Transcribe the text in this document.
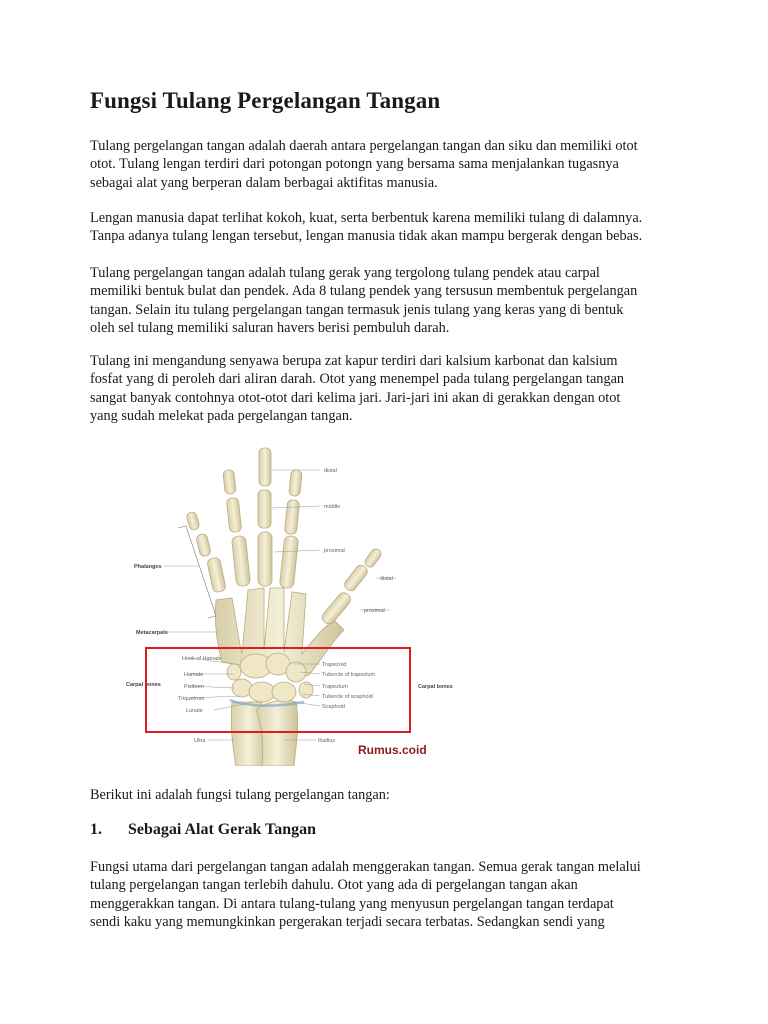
Fungsi Tulang Pergelangan Tangan

Tulang pergelangan tangan adalah daerah antara pergelangan tangan dan siku dan memiliki otot
otot. Tulang lengan terdiri dari potongan potongn yang bersama sama menjalankan tugasnya
sebagai alat yang berperan dalam berbagai aktifitas manusia.

Lengan manusia dapat terlihat kokoh, kuat, serta berbentuk karena memiliki tulang di dalamnya.
Tanpa adanya tulang lengan tersebut, lengan manusia tidak akan mampu bergerak dengan bebas.

Tulang pergelangan tangan adalah tulang gerak yang tergolong tulang pendek atau carpal
memiliki bentuk bulat dan pendek. Ada 8 tulang pendek yang tersusun membentuk pergelangan
tangan. Selain itu tulang pergelangan tangan termasuk jenis tulang yang keras yang di bentuk
oleh sel tulang memiliki saluran havers berisi pembuluh darah.

Tulang ini mengandung senyawa berupa zat kapur terdiri dari kalsium karbonat dan kalsium
fosfat yang di peroleh dari aliran darah. Otot yang menempel pada tulang pergelangan tangan
sangat banyak contohnya otot-otot dari kelima jari. Jari-jari ini akan di gerakkan dengan otot
yang sudah melekat pada pergelangan tangan.

distal
middle
proximal
Phalanges
distal
proximal
Metacarpals
Hook of Hamate
Hamate
Pisiform
Triquetrum
Lunate
Carpal bones
Trapezoid
Tubercle of trapezium
Trapezium
Tubercle of scaphoid
Scaphoid
Carpal bones
Ulna	Radius
Rumus.coid

Berikut ini adalah fungsi tulang pergelangan tangan:

1. Sebagai Alat Gerak Tangan

Fungsi utama dari pergelangan tangan adalah menggerakan tangan. Semua gerak tangan melalui
tulang pergelangan tangan terlebih dahulu. Otot yang ada di pergelangan tangan akan
menggerakkan tangan. Di antara tulang-tulang yang menyusun pergelangan tangan terdapat
sendi kaku yang memungkinkan pergerakan terjadi secara terbatas. Sedangkan sendi yang
